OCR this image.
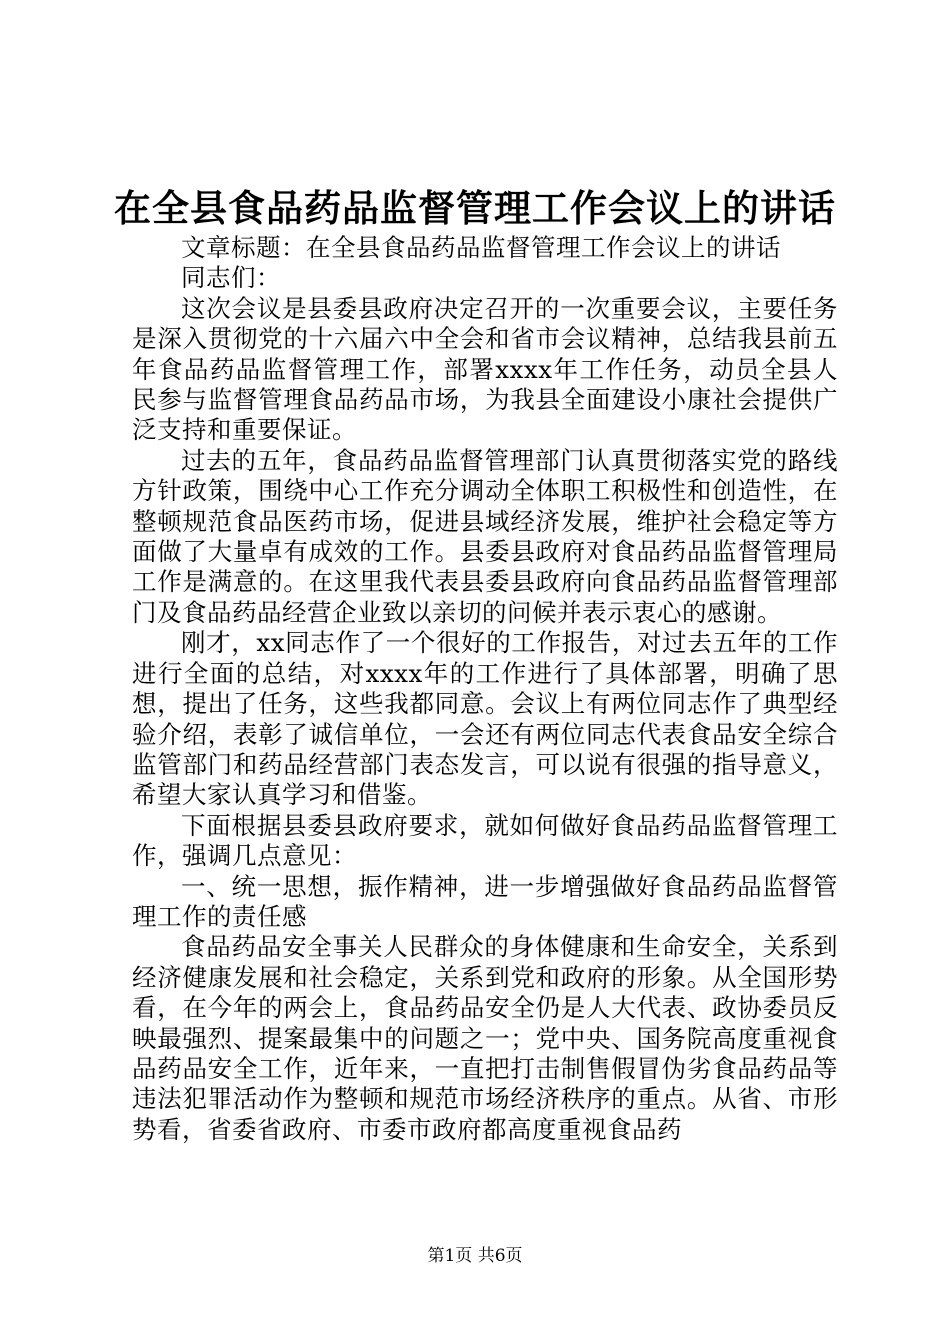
在全县食品药品监督管理工作会议上的讲话

文章标题：在全县食品药品监督管理工作会议上的讲话

同志们：

这次会议是县委县政府决定召开的一次重要会议，主要任务是深入贯彻党的十六届六中全会和省市会议精神，总结我县前五年食品药品监督管理工作，部署xxxx年工作任务，动员全县人民参与监督管理食品药品市场，为我县全面建设小康社会提供广泛支持和重要保证。

过去的五年，食品药品监督管理部门认真贯彻落实党的路线方针政策，围绕中心工作充分调动全体职工积极性和创造性，在整顿规范食品医药市场，促进县域经济发展，维护社会稳定等方面做了大量卓有成效的工作。县委县政府对食品药品监督管理局工作是满意的。在这里我代表县委县政府向食品药品监督管理部门及食品药品经营企业致以亲切的问候并表示衷心的感谢。

刚才，xx同志作了一个很好的工作报告，对过去五年的工作进行全面的总结，对xxxx年的工作进行了具体部署，明确了思想，提出了任务，这些我都同意。会议上有两位同志作了典型经验介绍，表彰了诚信单位，一会还有两位同志代表食品安全综合监管部门和药品经营部门表态发言，可以说有很强的指导意义，希望大家认真学习和借鉴。

下面根据县委县政府要求，就如何做好食品药品监督管理工作，强调几点意见：

一、统一思想，振作精神，进一步增强做好食品药品监督管理工作的责任感

食品药品安全事关人民群众的身体健康和生命安全，关系到经济健康发展和社会稳定，关系到党和政府的形象。从全国形势看，在今年的两会上，食品药品安全仍是人大代表、政协委员反映最强烈、提案最集中的问题之一；党中央、国务院高度重视食品药品安全工作，近年来，一直把打击制售假冒伪劣食品药品等违法犯罪活动作为整顿和规范市场经济秩序的重点。从省、市形势看，省委省政府、市委市政府都高度重视食品药

第1页 共6页
